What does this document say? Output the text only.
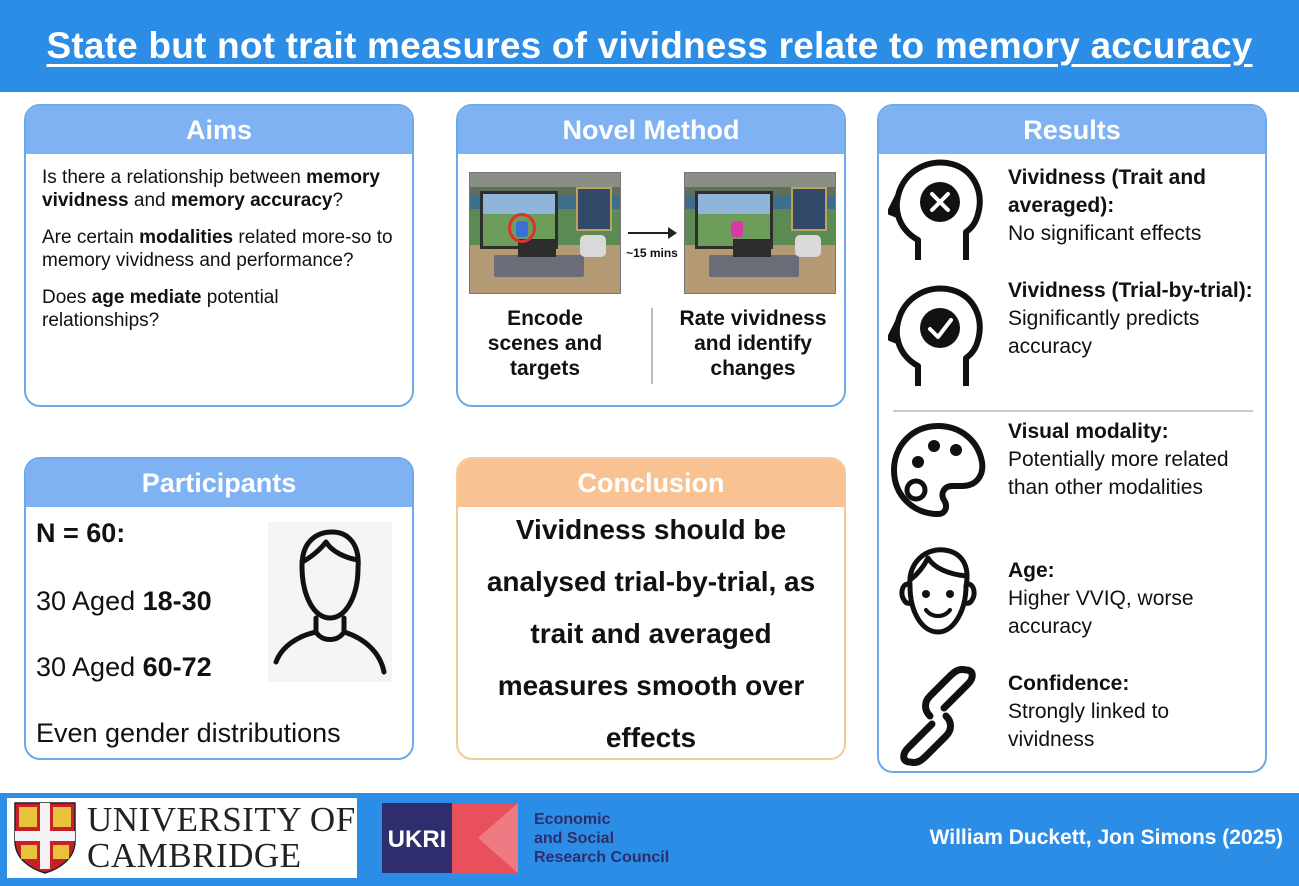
State but not trait measures of vividness relate to memory accuracy
Aims

Is there a relationship between memory vividness and memory accuracy?

Are certain modalities related more-so to memory vividness and performance?

Does age mediate potential relationships?

Novel Method
~15 mins
Encode scenes and targets
Rate vividness and identify changes
Results
Vividness (Trait and averaged):
No significant effects
Vividness (Trial-by-trial):
Significantly predicts accuracy
Visual modality:
Potentially more related than other modalities
Age:
Higher VVIQ, worse accuracy
Confidence:
Strongly linked to vividness
Participants
N = 60:
30 Aged 18-30
30 Aged 60-72
Even gender distributions
Conclusion
Vividness should be analysed trial-by-trial, as trait and averaged measures smooth over effects
UNIVERSITY OF
CAMBRIDGE	UKRI
Economic
and Social
Research Council
William Duckett, Jon Simons (2025)
